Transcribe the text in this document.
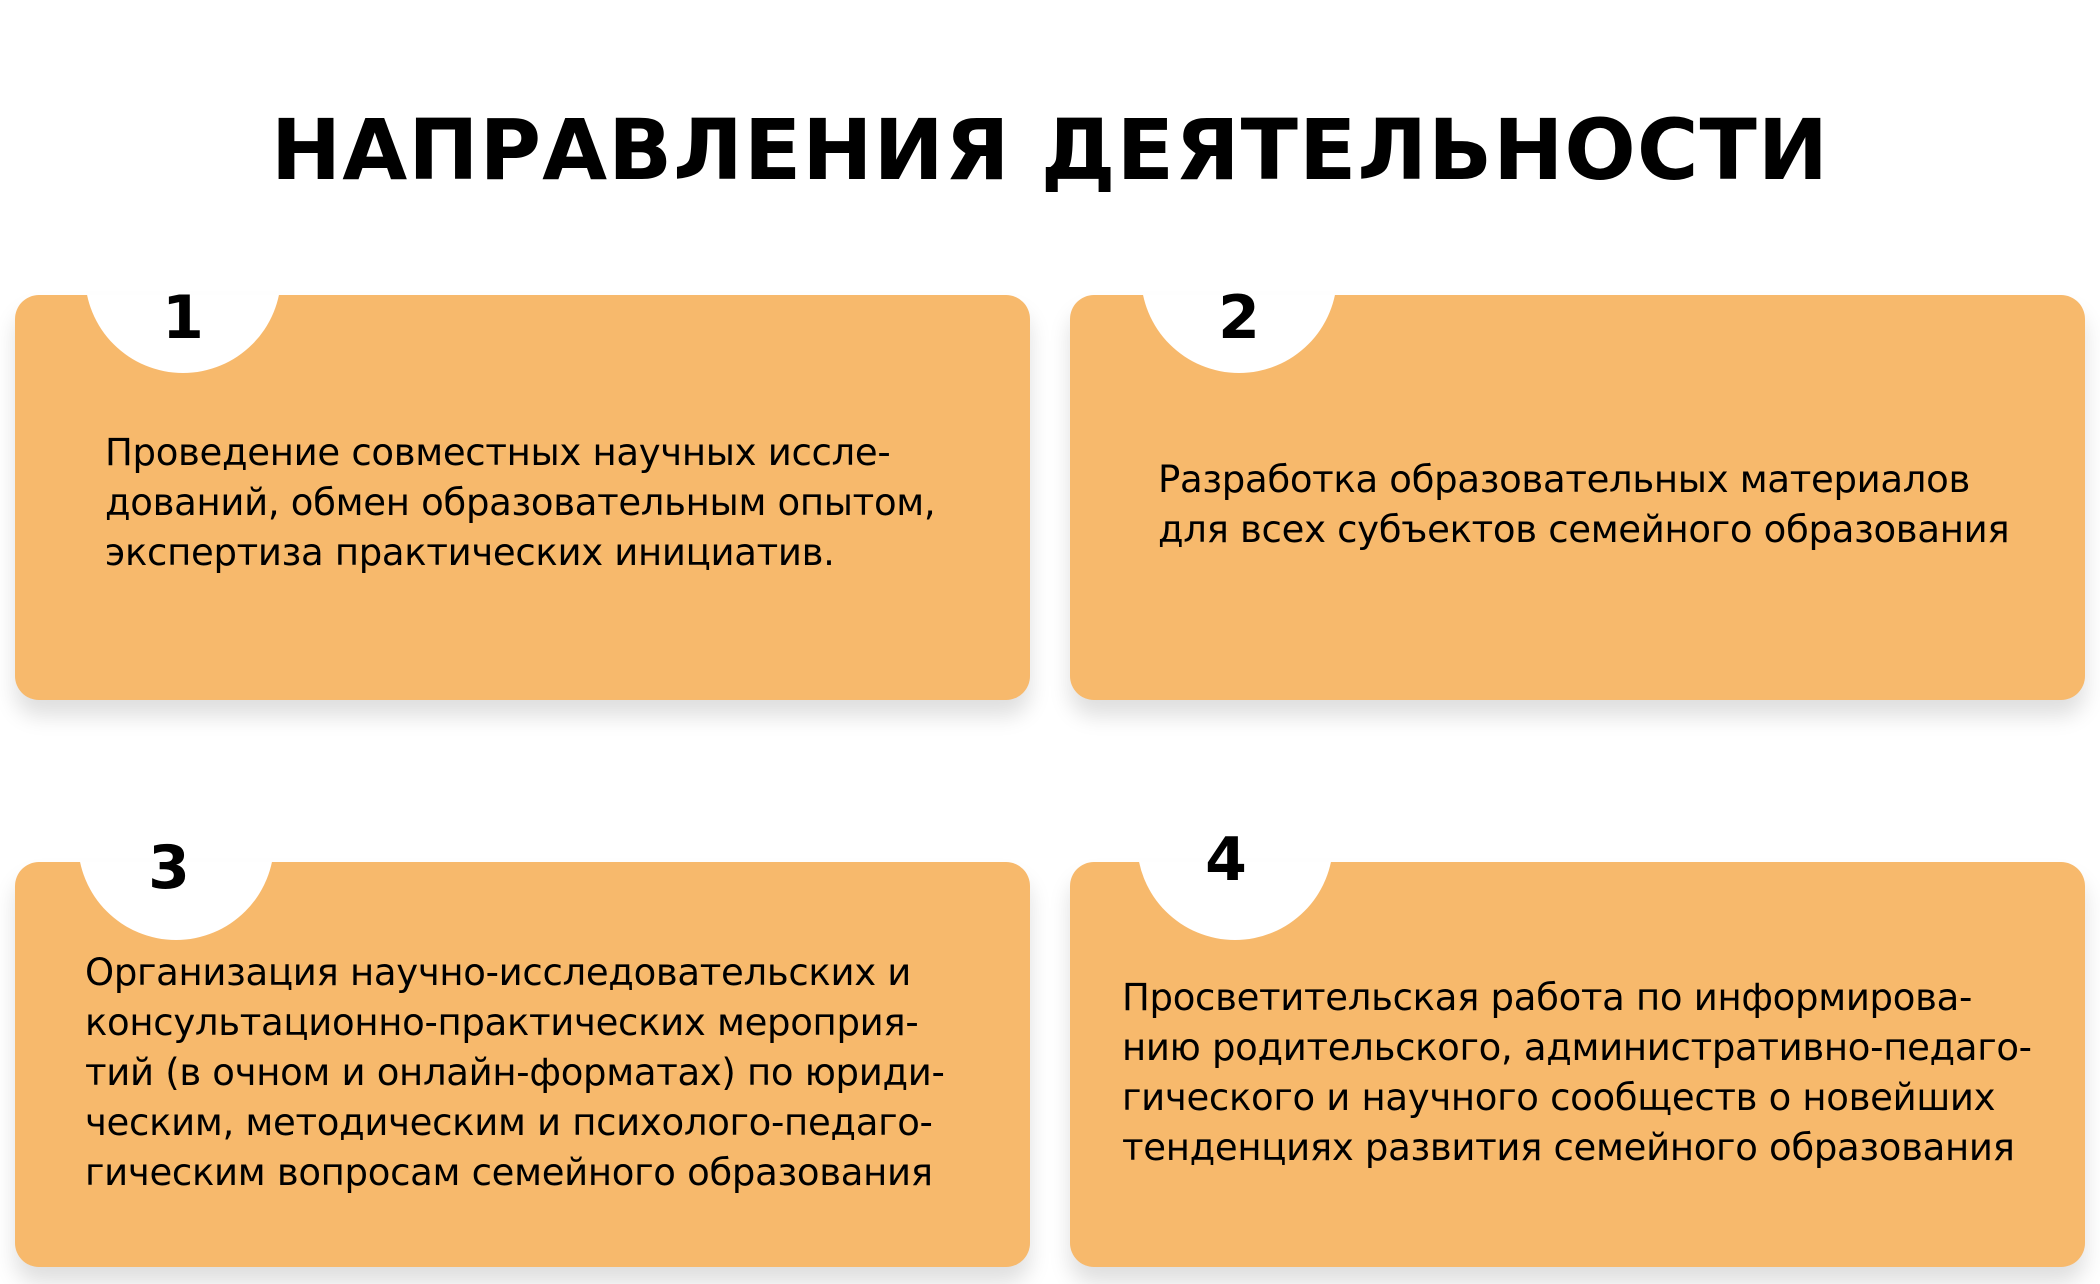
НАПРАВЛЕНИЯ ДЕЯТЕЛЬНОСТИ
1	2
3	4
Проведение совместных научных иссле-
дований, обмен образовательным опытом,
экспертиза практических инициатив.
Разработка образовательных материалов
для всех субъектов семейного образования
Организация научно-исследовательских и
консультационно-практических мероприя-
тий (в очном и онлайн-форматах) по юриди-
ческим, методическим и психолого-педаго-
гическим вопросам семейного образования
Просветительская работа по информирова-
нию родительского, административно-педаго-
гического и научного сообществ о новейших
тенденциях развития семейного образования
